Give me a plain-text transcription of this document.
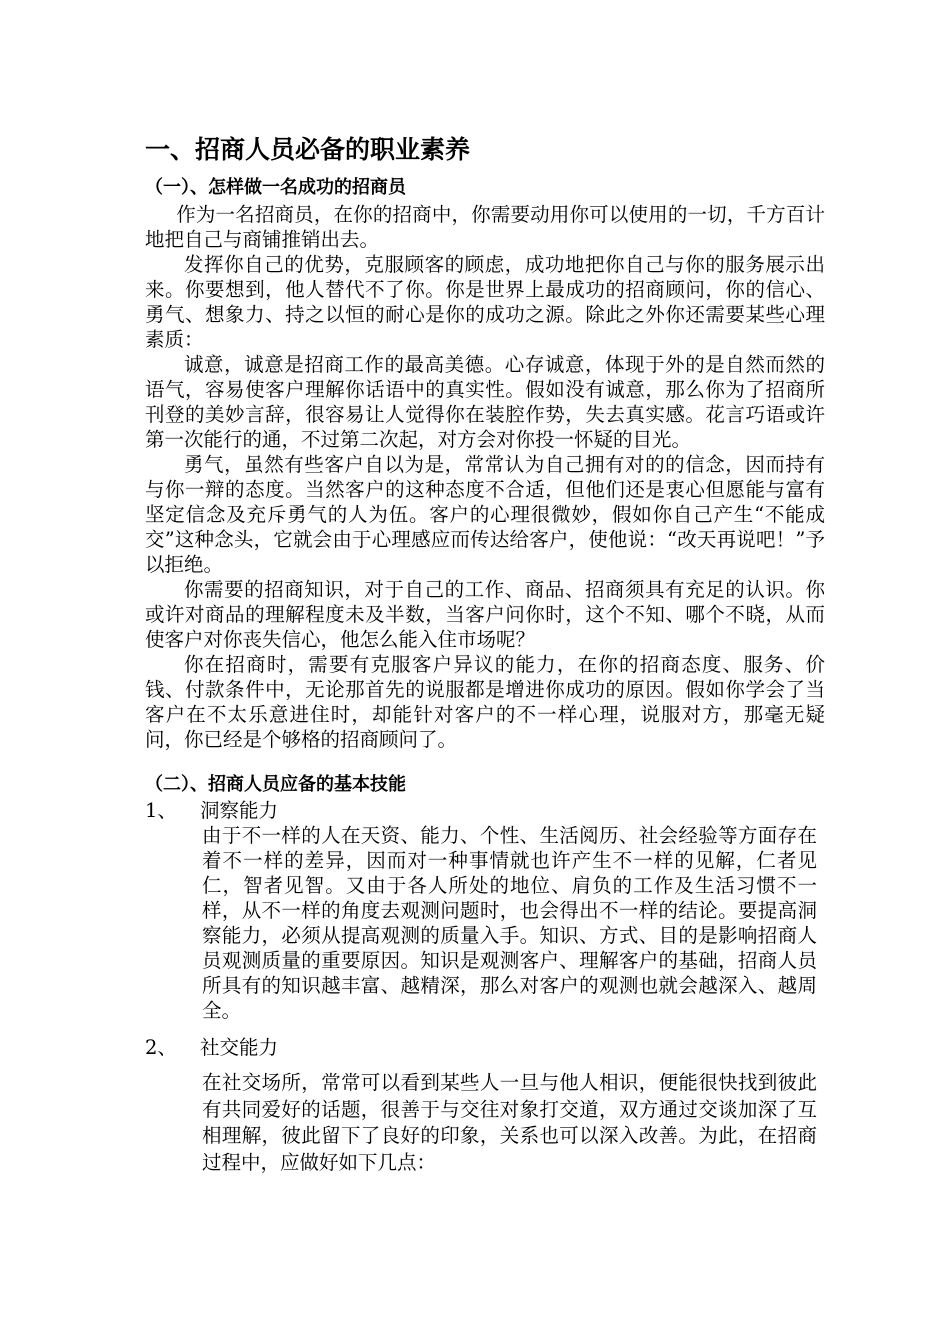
一、招商人员必备的职业素养
（一）、怎样做一名成功的招商员

作为一名招商员，在你的招商中，你需要动用你可以使用的一切，千方百计地把自己与商铺推销出去。

发挥你自己的优势，克服顾客的顾虑，成功地把你自己与你的服务展示出来。你要想到，他人替代不了你。你是世界上最成功的招商顾问，你的信心、勇气、想象力、持之以恒的耐心是你的成功之源。除此之外你还需要某些心理素质：

诚意，诚意是招商工作的最高美德。心存诚意，体现于外的是自然而然的语气，容易使客户理解你话语中的真实性。假如没有诚意，那么你为了招商所刊登的美妙言辞，很容易让人觉得你在装腔作势，失去真实感。花言巧语或许第一次能行的通，不过第二次起，对方会对你投一怀疑的目光。

勇气，虽然有些客户自以为是，常常认为自己拥有对的的信念，因而持有与你一辩的态度。当然客户的这种态度不合适，但他们还是衷心但愿能与富有坚定信念及充斥勇气的人为伍。客户的心理很微妙，假如你自己产生“不能成交”这种念头，它就会由于心理感应而传达给客户，使他说：“改天再说吧！”予以拒绝。

你需要的招商知识，对于自己的工作、商品、招商须具有充足的认识。你或许对商品的理解程度未及半数，当客户问你时，这个不知、哪个不晓，从而使客户对你丧失信心，他怎么能入住市场呢？

你在招商时，需要有克服客户异议的能力，在你的招商态度、服务、价钱、付款条件中，无论那首先的说服都是增进你成功的原因。假如你学会了当客户在不太乐意进住时，却能针对客户的不一样心理，说服对方，那毫无疑问，你已经是个够格的招商顾问了。

（二）、招商人员应备的基本技能
1、 洞察能力
由于不一样的人在天资、能力、个性、生活阅历、社会经验等方面存在着不一样的差异，因而对一种事情就也许产生不一样的见解，仁者见仁，智者见智。又由于各人所处的地位、肩负的工作及生活习惯不一样，从不一样的角度去观测问题时，也会得出不一样的结论。要提高洞察能力，必须从提高观测的质量入手。知识、方式、目的是影响招商人员观测质量的重要原因。知识是观测客户、理解客户的基础，招商人员所具有的知识越丰富、越精深，那么对客户的观测也就会越深入、越周全。
2、 社交能力
在社交场所，常常可以看到某些人一旦与他人相识，便能很快找到彼此有共同爱好的话题，很善于与交往对象打交道，双方通过交谈加深了互相理解，彼此留下了良好的印象，关系也可以深入改善。为此，在招商过程中，应做好如下几点：
